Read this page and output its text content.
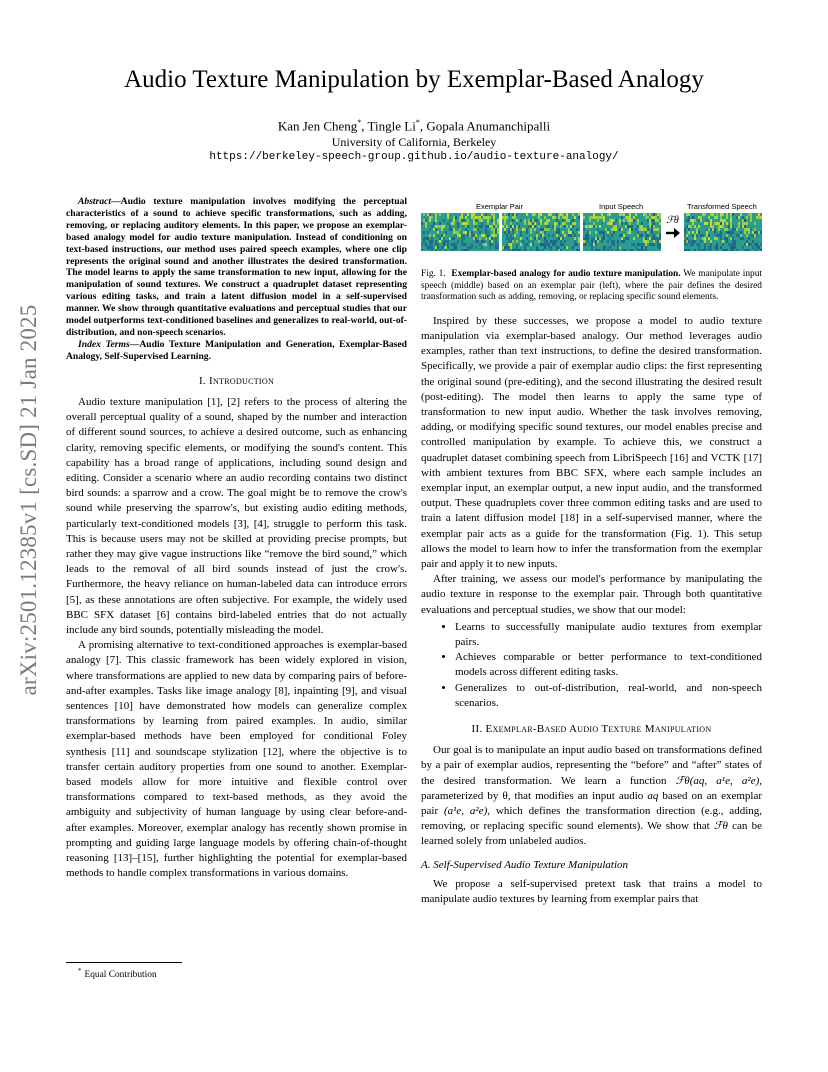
arXiv:2501.12385v1 [cs.SD] 21 Jan 2025
Audio Texture Manipulation by Exemplar-Based Analogy
Kan Jen Cheng*, Tingle Li*, Gopala Anumanchipalli
University of California, Berkeley
https://berkeley-speech-group.github.io/audio-texture-analogy/

Abstract—Audio texture manipulation involves modifying the perceptual characteristics of a sound to achieve specific transformations, such as adding, removing, or replacing auditory elements. In this paper, we propose an exemplar-based analogy model for audio texture manipulation. Instead of conditioning on text-based instructions, our method uses paired speech examples, where one clip represents the original sound and another illustrates the desired transformation. The model learns to apply the same transformation to new input, allowing for the manipulation of sound textures. We construct a quadruplet dataset representing various editing tasks, and train a latent diffusion model in a self-supervised manner. We show through quantitative evaluations and perceptual studies that our model outperforms text-conditioned baselines and generalizes to real-world, out-of-distribution, and non-speech scenarios.

Index Terms—Audio Texture Manipulation and Generation, Exemplar-Based Analogy, Self-Supervised Learning.

I. Introduction

Audio texture manipulation [1], [2] refers to the process of altering the overall perceptual quality of a sound, shaped by the number and interaction of different sound sources, to achieve a desired outcome, such as enhancing clarity, removing specific elements, or modifying the sound's content. This capability has a broad range of applications, including sound design and editing. Consider a scenario where an audio recording contains two distinct bird sounds: a sparrow and a crow. The goal might be to remove the crow's sound while preserving the sparrow's, but existing audio editing methods, particularly text-conditioned models [3], [4], struggle to perform this task. This is because users may not be skilled at providing precise prompts, but rather they may give vague instructions like “remove the bird sound,” which leads to the removal of all bird sounds instead of just the crow's. Furthermore, the heavy reliance on human-labeled data can introduce errors [5], as these annotations are often subjective. For example, the widely used BBC SFX dataset [6] contains bird-labeled entries that do not actually include any bird sounds, potentially misleading the model.

A promising alternative to text-conditioned approaches is exemplar-based analogy [7]. This classic framework has been widely explored in vision, where transformations are applied to new data by comparing pairs of before-and-after examples. Tasks like image analogy [8], inpainting [9], and visual sentences [10] have demonstrated how models can generalize complex transformations by learning from paired examples. In audio, similar exemplar-based methods have been employed for conditional Foley synthesis [11] and soundscape stylization [12], where the objective is to transfer certain auditory properties from one sound to another. Exemplar-based models allow for more intuitive and flexible control over transformations compared to text-based methods, as they avoid the ambiguity and subjectivity of human language by using clear before-and-after examples. Moreover, exemplar analogy has recently shown promise in prompting and guiding large language models by offering chain-of-thought reasoning [13]–[15], further highlighting the potential for exemplar-based methods to handle complex transformations in various domains.

* Equal Contribution
Exemplar Pair	Input Speech	Transformed Speech
ℱθ

Fig. 1. Exemplar-based analogy for audio texture manipulation. We manipulate input speech (middle) based on an exemplar pair (left), where the pair defines the desired transformation such as adding, removing, or replacing specific sound elements.

Inspired by these successes, we propose a model to audio texture manipulation via exemplar-based analogy. Our method leverages audio examples, rather than text instructions, to define the desired transformation. Specifically, we provide a pair of exemplar audio clips: the first representing the original sound (pre-editing), and the second illustrating the desired result (post-editing). The model then learns to apply the same type of transformation to new input audio. Whether the task involves removing, adding, or modifying specific sound textures, our model enables precise and controlled manipulation by example. To achieve this, we construct a quadruplet dataset combining speech from LibriSpeech [16] and VCTK [17] with ambient textures from BBC SFX, where each sample includes an exemplar input, an exemplar output, a new input audio, and the transformed output. These quadruplets cover three common editing tasks and are used to train a latent diffusion model [18] in a self-supervised manner, where the exemplar pair acts as a guide for the transformation (Fig. 1). This setup allows the model to learn how to infer the transformation from the exemplar pair and apply it to new inputs.

After training, we assess our model's performance by manipulating the audio texture in response to the exemplar pair. Through both quantitative evaluations and perceptual studies, we show that our model:

• Learns to successfully manipulate audio textures from exemplar pairs.
• Achieves comparable or better performance to text-conditioned models across different editing tasks.
• Generalizes to out-of-distribution, real-world, and non-speech scenarios.
II. Exemplar-Based Audio Texture Manipulation

Our goal is to manipulate an input audio based on transformations defined by a pair of exemplar audios, representing the “before” and “after” states of the desired transformation. We learn a function ℱθ(aq, a¹e, a²e), parameterized by θ, that modifies an input audio aq based on an exemplar pair (a¹e, a²e), which defines the transformation direction (e.g., adding, removing, or replacing specific sound elements). We show that ℱθ can be learned solely from unlabeled audios.

A. Self-Supervised Audio Texture Manipulation

We propose a self-supervised pretext task that trains a model to manipulate audio textures by learning from exemplar pairs that
